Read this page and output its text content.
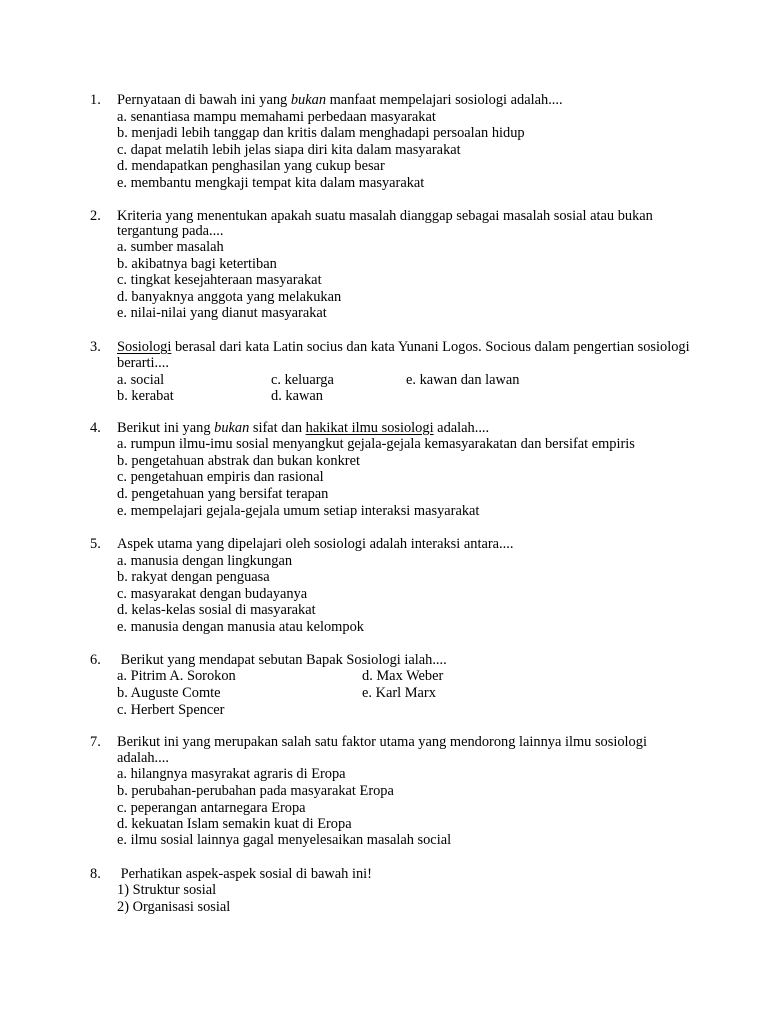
1. Pernyataan di bawah ini yang bukan manfaat mempelajari sosiologi adalah....
a. senantiasa mampu memahami perbedaan masyarakat
b. menjadi lebih tanggap dan kritis dalam menghadapi persoalan hidup
c. dapat melatih lebih jelas siapa diri kita dalam masyarakat
d. mendapatkan penghasilan yang cukup besar
e. membantu mengkaji tempat kita dalam masyarakat
2. Kriteria yang menentukan apakah suatu masalah dianggap sebagai masalah sosial atau bukan
tergantung pada....
a. sumber masalah
b. akibatnya bagi ketertiban
c. tingkat kesejahteraan masyarakat
d. banyaknya anggota yang melakukan
e. nilai-nilai yang dianut masyarakat
3. Sosiologi berasal dari kata Latin socius dan kata Yunani Logos. Socious dalam pengertian sosiologi
berarti....
a. social	c. keluarga	e. kawan dan lawan
b. kerabat	d. kawan
4. Berikut ini yang bukan sifat dan hakikat ilmu sosiologi adalah....
a. rumpun ilmu-imu sosial menyangkut gejala-gejala kemasyarakatan dan bersifat empiris
b. pengetahuan abstrak dan bukan konkret
c. pengetahuan empiris dan rasional
d. pengetahuan yang bersifat terapan
e. mempelajari gejala-gejala umum setiap interaksi masyarakat
5. Aspek utama yang dipelajari oleh sosiologi adalah interaksi antara....
a. manusia dengan lingkungan
b. rakyat dengan penguasa
c. masyarakat dengan budayanya
d. kelas-kelas sosial di masyarakat
e. manusia dengan manusia atau kelompok
6. Berikut yang mendapat sebutan Bapak Sosiologi ialah....
a. Pitrim A. Sorokon	d. Max Weber
b. Auguste Comte	e. Karl Marx
c. Herbert Spencer
7. Berikut ini yang merupakan salah satu faktor utama yang mendorong lainnya ilmu sosiologi
adalah....
a. hilangnya masyrakat agraris di Eropa
b. perubahan-perubahan pada masyarakat Eropa
c. peperangan antarnegara Eropa
d. kekuatan Islam semakin kuat di Eropa
e. ilmu sosial lainnya gagal menyelesaikan masalah social
8. Perhatikan aspek-aspek sosial di bawah ini!
1) Struktur sosial
2) Organisasi sosial
